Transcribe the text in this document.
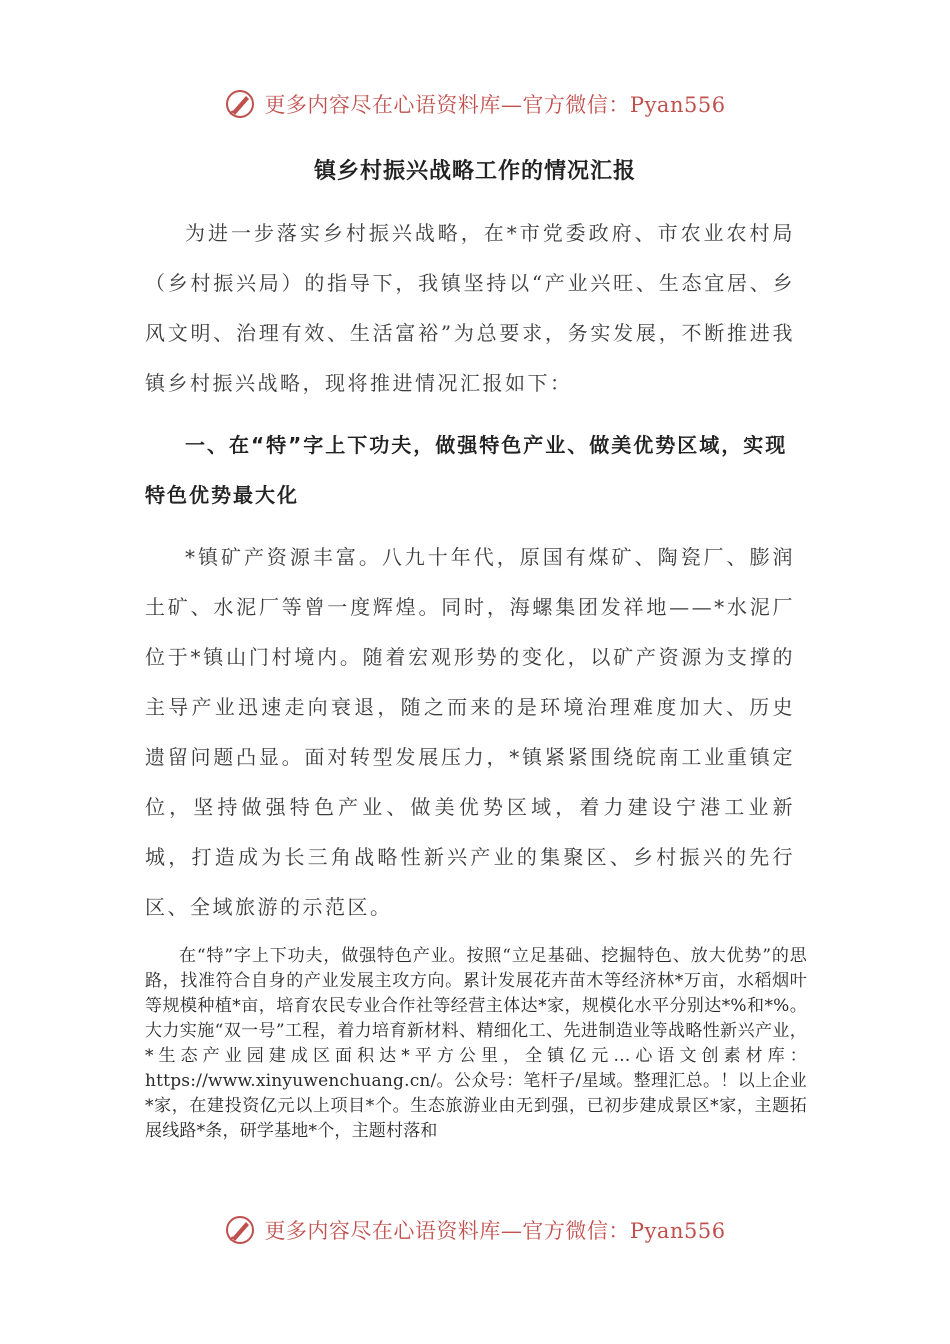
更多内容尽在心语资料库—官方微信：Pyan556
镇乡村振兴战略工作的情况汇报

为进一步落实乡村振兴战略，在*市党委政府、市农业农村局（乡村振兴局）的指导下，我镇坚持以“产业兴旺、生态宜居、乡风文明、治理有效、生活富裕”为总要求，务实发展，不断推进我镇乡村振兴战略，现将推进情况汇报如下：

一、在“特”字上下功夫，做强特色产业、做美优势区域，实现特色优势最大化

*镇矿产资源丰富。八九十年代，原国有煤矿、陶瓷厂、膨润土矿、水泥厂等曾一度辉煌。同时，海螺集团发祥地——*水泥厂位于*镇山门村境内。随着宏观形势的变化，以矿产资源为支撑的主导产业迅速走向衰退，随之而来的是环境治理难度加大、历史遗留问题凸显。面对转型发展压力，*镇紧紧围绕皖南工业重镇定位，坚持做强特色产业、做美优势区域，着力建设宁港工业新城，打造成为长三角战略性新兴产业的集聚区、乡村振兴的先行区、全域旅游的示范区。

在“特”字上下功夫，做强特色产业。按照“立足基础、挖掘特色、放大优势”的思路，找准符合自身的产业发展主攻方向。累计发展花卉苗木等经济林*万亩，水稻烟叶等规模种植*亩，培育农民专业合作社等经营主体达*家，规模化水平分别达*%和*%。大力实施“双一号”工程，着力培育新材料、精细化工、先进制造业等战略性新兴产业，*生态产业园建成区面积达*平方公里，全镇亿元…心语文创素材库：https://www.xinyuwenchuang.cn/。公众号：笔杆子/星域。整理汇总。！以上企业*家，在建投资亿元以上项目*个。生态旅游业由无到强，已初步建成景区*家，主题拓展线路*条，研学基地*个，主题村落和

更多内容尽在心语资料库—官方微信：Pyan556
